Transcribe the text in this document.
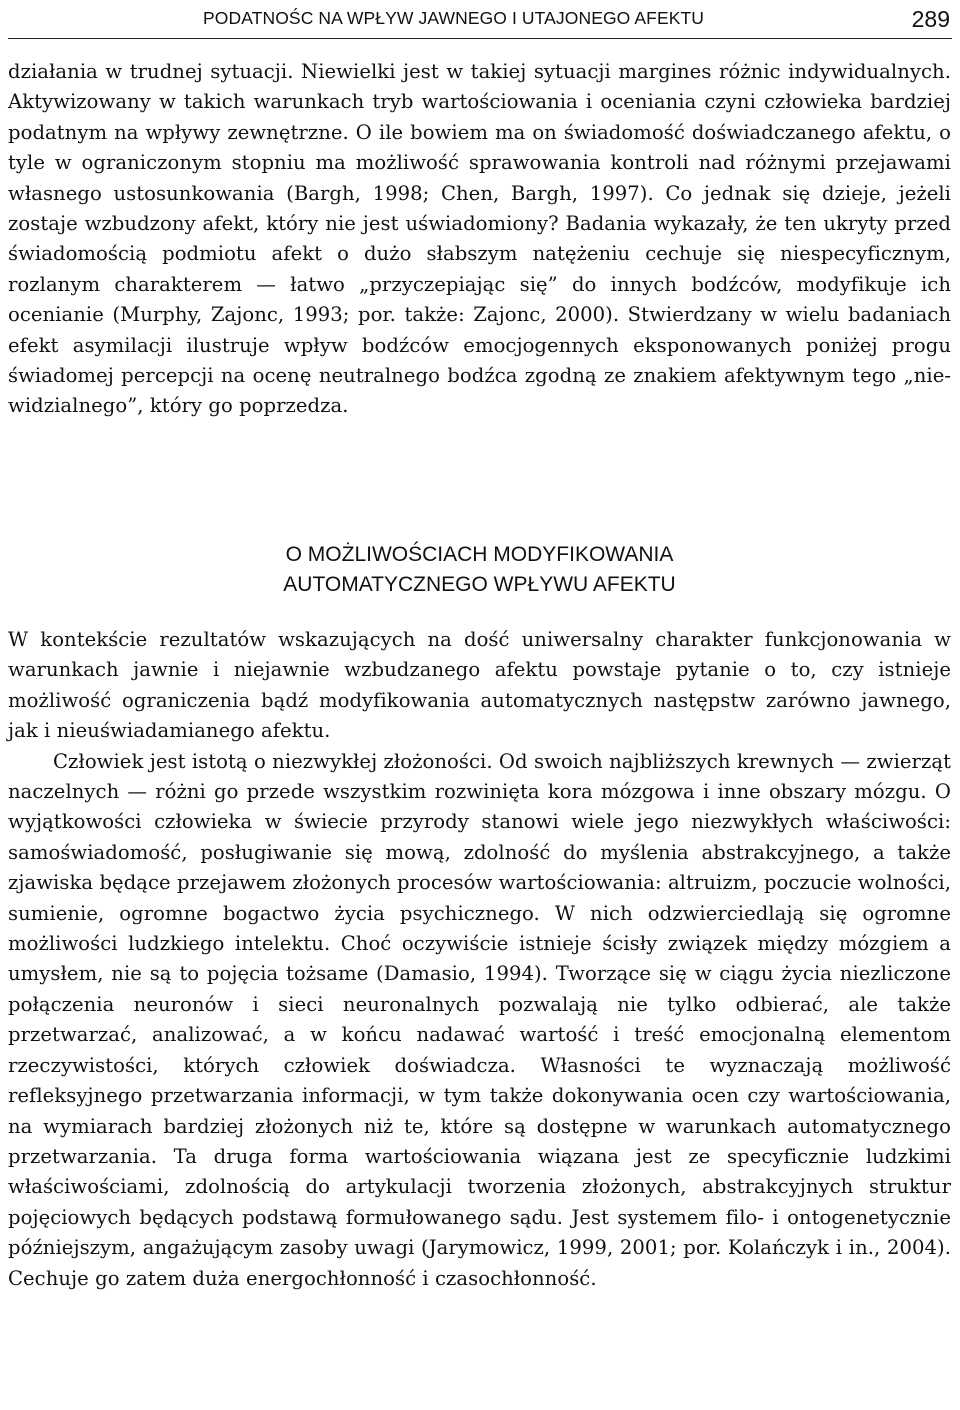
PODATNOŚC NA WPŁYW JAWNEGO I UTAJONEGO AFEKTU	289

działania w trudnej sytuacji. Niewielki jest w takiej sytuacji margines różnic indywidualnych. Aktywizowany w takich warunkach tryb wartościowania i oceniania czyni człowieka bardziej podatnym na wpływy zewnętrzne. O ile bowiem ma on świadomość doświadczanego afektu, o tyle w ograniczonym stopniu ma możliwość sprawowania kontroli nad różnymi przejawami własnego ustosunkowania (Bargh, 1998; Chen, Bargh, 1997). Co jednak się dzieje, jeżeli zostaje wzbudzony afekt, który nie jest uświadomiony? Badania wykazały, że ten ukryty przed świadomością podmiotu afekt o dużo słabszym natężeniu cechuje się niespecyficznym, rozlanym charakterem — łatwo „przyczepiając się” do innych bodźców, modyfikuje ich ocenianie (Murphy, Zajonc, 1993; por. także: Zajonc, 2000). Stwierdzany w wielu badaniach efekt asymilacji ilustruje wpływ bodźców emocjogennych eksponowanych poniżej progu świadomej percepcji na ocenę neutralnego bodźca zgodną ze znakiem afektywnym tego „niewidzialnego”, który go poprzedza.

O MOŻLIWOŚCIACH MODYFIKOWANIA
AUTOMATYCZNEGO WPŁYWU AFEKTU

W kontekście rezultatów wskazujących na dość uniwersalny charakter funkcjonowania w warunkach jawnie i niejawnie wzbudzanego afektu powstaje pytanie o to, czy istnieje możliwość ograniczenia bądź modyfikowania automatycznych następstw zarówno jawnego, jak i nieuświadamianego afektu.

Człowiek jest istotą o niezwykłej złożoności. Od swoich najbliższych krewnych — zwierząt naczelnych — różni go przede wszystkim rozwinięta kora mózgowa i inne obszary mózgu. O wyjątkowości człowieka w świecie przyrody stanowi wiele jego niezwykłych właściwości: samoświadomość, posługiwanie się mową, zdolność do myślenia abstrakcyjnego, a także zjawiska będące przejawem złożonych procesów wartościowania: altruizm, poczucie wolności, sumienie, ogromne bogactwo życia psychicznego. W nich odzwierciedlają się ogromne możliwości ludzkiego intelektu. Choć oczywiście istnieje ścisły związek między mózgiem a umysłem, nie są to pojęcia tożsame (Damasio, 1994). Tworzące się w ciągu życia niezliczone połączenia neuronów i sieci neuronalnych pozwalają nie tylko odbierać, ale także przetwarzać, analizować, a w końcu nadawać wartość i treść emocjonalną elementom rzeczywistości, których człowiek doświadcza. Własności te wyznaczają możliwość refleksyjnego przetwarzania informacji, w tym także dokonywania ocen czy wartościowania, na wymiarach bardziej złożonych niż te, które są dostępne w warunkach automatycznego przetwarzania. Ta druga forma wartościowania wiązana jest ze specyficznie ludzkimi właściwościami, zdolnością do artykulacji tworzenia złożonych, abstrakcyjnych struktur pojęciowych będących podstawą formułowanego sądu. Jest systemem filo- i ontogenetycznie późniejszym, angażującym zasoby uwagi (Jarymowicz, 1999, 2001; por. Kolańczyk i in., 2004). Cechuje go zatem duża energochłonność i czasochłonność.
